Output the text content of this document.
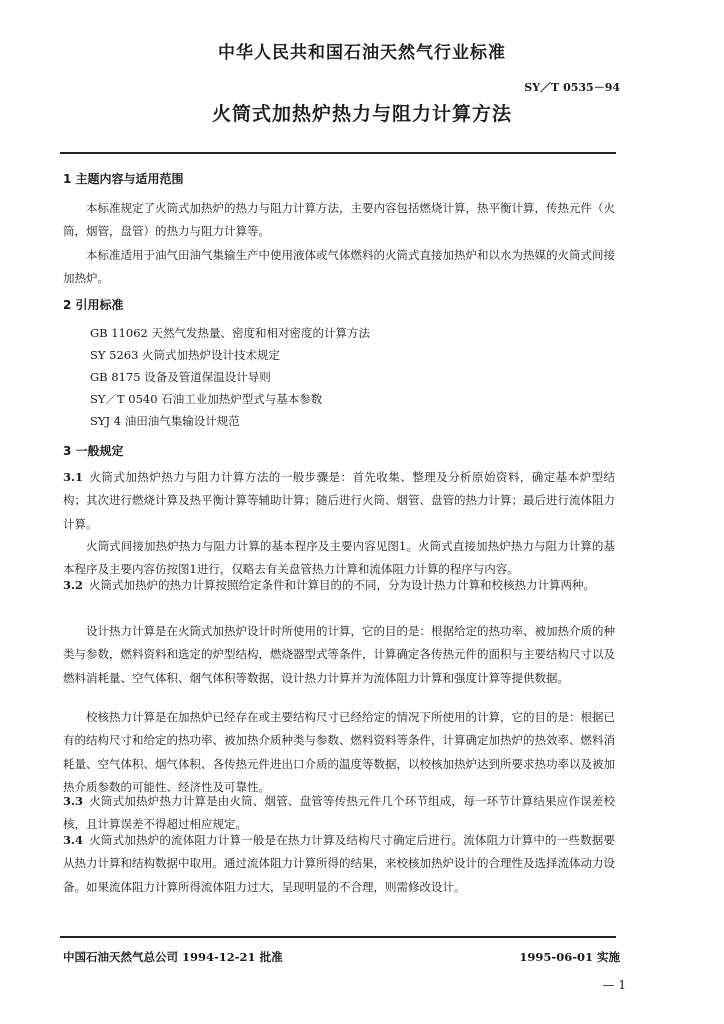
中华人民共和国石油天然气行业标准
SY／T 0535－94
火筒式加热炉热力与阻力计算方法
1 主题内容与适用范围
本标准规定了火筒式加热炉的热力与阻力计算方法，主要内容包括燃烧计算，热平衡计算，传热元件（火筒，烟管，盘管）的热力与阻力计算等。
本标准适用于油气田油气集输生产中使用液体或气体燃料的火筒式直接加热炉和以水为热媒的火筒式间接加热炉。
2 引用标准
GB 11062 天然气发热量、密度和相对密度的计算方法
SY 5263 火筒式加热炉设计技术规定
GB 8175 设备及管道保温设计导则
SY／T 0540 石油工业加热炉型式与基本参数
SYJ 4 油田油气集输设计规范
3 一般规定
3.1 火筒式加热炉热力与阻力计算方法的一般步骤是：首先收集、整理及分析原始资料，确定基本炉型结构；其次进行燃烧计算及热平衡计算等辅助计算；随后进行火筒、烟管、盘管的热力计算；最后进行流体阻力计算。
火筒式间接加热炉热力与阻力计算的基本程序及主要内容见图1。火筒式直接加热炉热力与阻力计算的基本程序及主要内容仿按图1进行，仅略去有关盘管热力计算和流体阻力计算的程序与内容。
3.2 火筒式加热炉的热力计算按照给定条件和计算目的的不同，分为设计热力计算和校核热力计算两种。
设计热力计算是在火筒式加热炉设计时所使用的计算，它的目的是：根据给定的热功率、被加热介质的种类与参数，燃料资料和选定的炉型结构，燃烧器型式等条件，计算确定各传热元件的面积与主要结构尺寸以及燃料消耗量、空气体积、烟气体积等数据，设计热力计算并为流体阻力计算和强度计算等提供数据。
校核热力计算是在加热炉已经存在或主要结构尺寸已经给定的情况下所使用的计算，它的目的是：根据已有的结构尺寸和给定的热功率、被加热介质种类与参数、燃料资料等条件，计算确定加热炉的热效率、燃料消耗量、空气体积、烟气体积、各传热元件进出口介质的温度等数据，以校核加热炉达到所要求热功率以及被加热介质参数的可能性、经济性及可靠性。
3.3 火筒式加热炉热力计算是由火筒、烟管、盘管等传热元件几个环节组成，每一环节计算结果应作误差校核，且计算误差不得超过相应规定。
3.4 火筒式加热炉的流体阻力计算一般是在热力计算及结构尺寸确定后进行。流体阻力计算中的一些数据要从热力计算和结构数据中取用。通过流体阻力计算所得的结果，来校核加热炉设计的合理性及选择流体动力设备。如果流体阻力计算所得流体阻力过大，呈现明显的不合理，则需修改设计。
中国石油天然气总公司 1994-12-21 批准	1995-06-01 实施
— 1
